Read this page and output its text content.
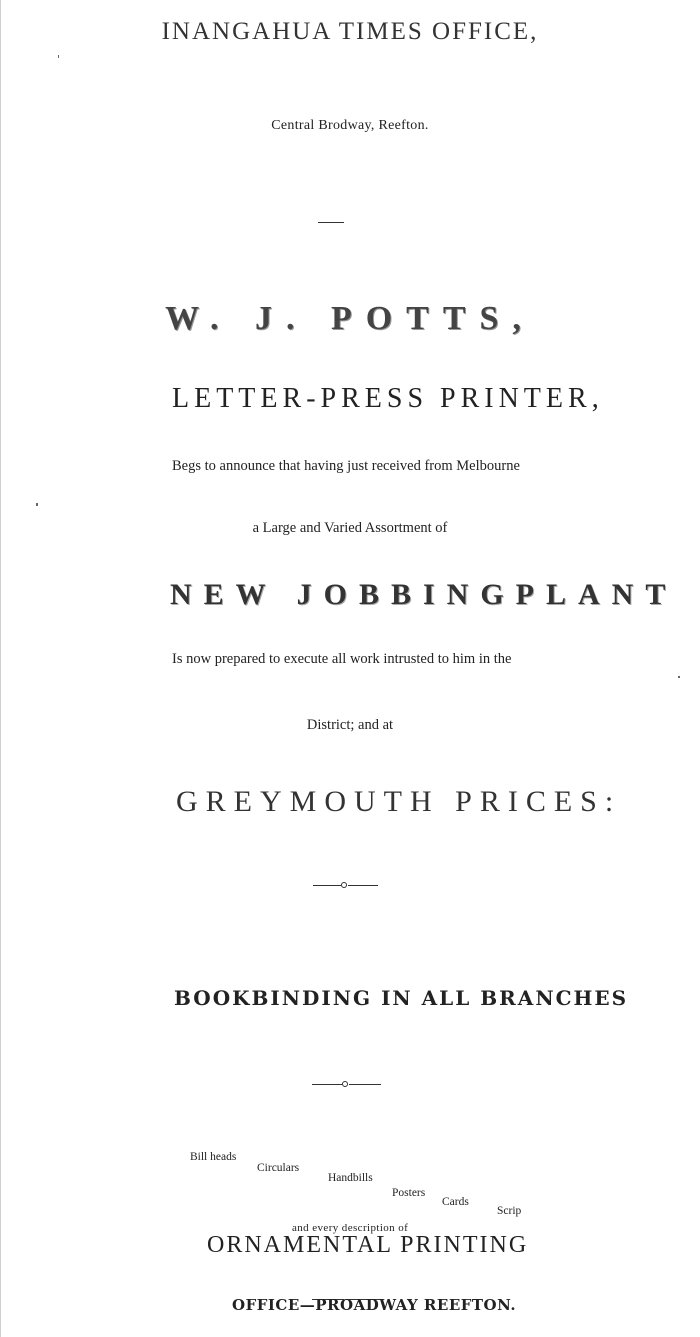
INANGAHUA TIMES OFFICE,
Central Brodway, Reefton.
W. J. POTTS,
LETTER-PRESS PRINTER,
Begs to announce that having just received from Melbourne
a Large and Varied Assortment of
NEW JOBBINGPLANT
Is now prepared to execute all work intrusted to him in the
District; and at
GREYMOUTH PRICES:
BOOKBINDING IN ALL BRANCHES
Bill heads
Circulars
Handbills
Posters
Cards
Scrip
and every description of
ORNAMENTAL PRINTING
OFFICE—PROADWAY REEFTON.
